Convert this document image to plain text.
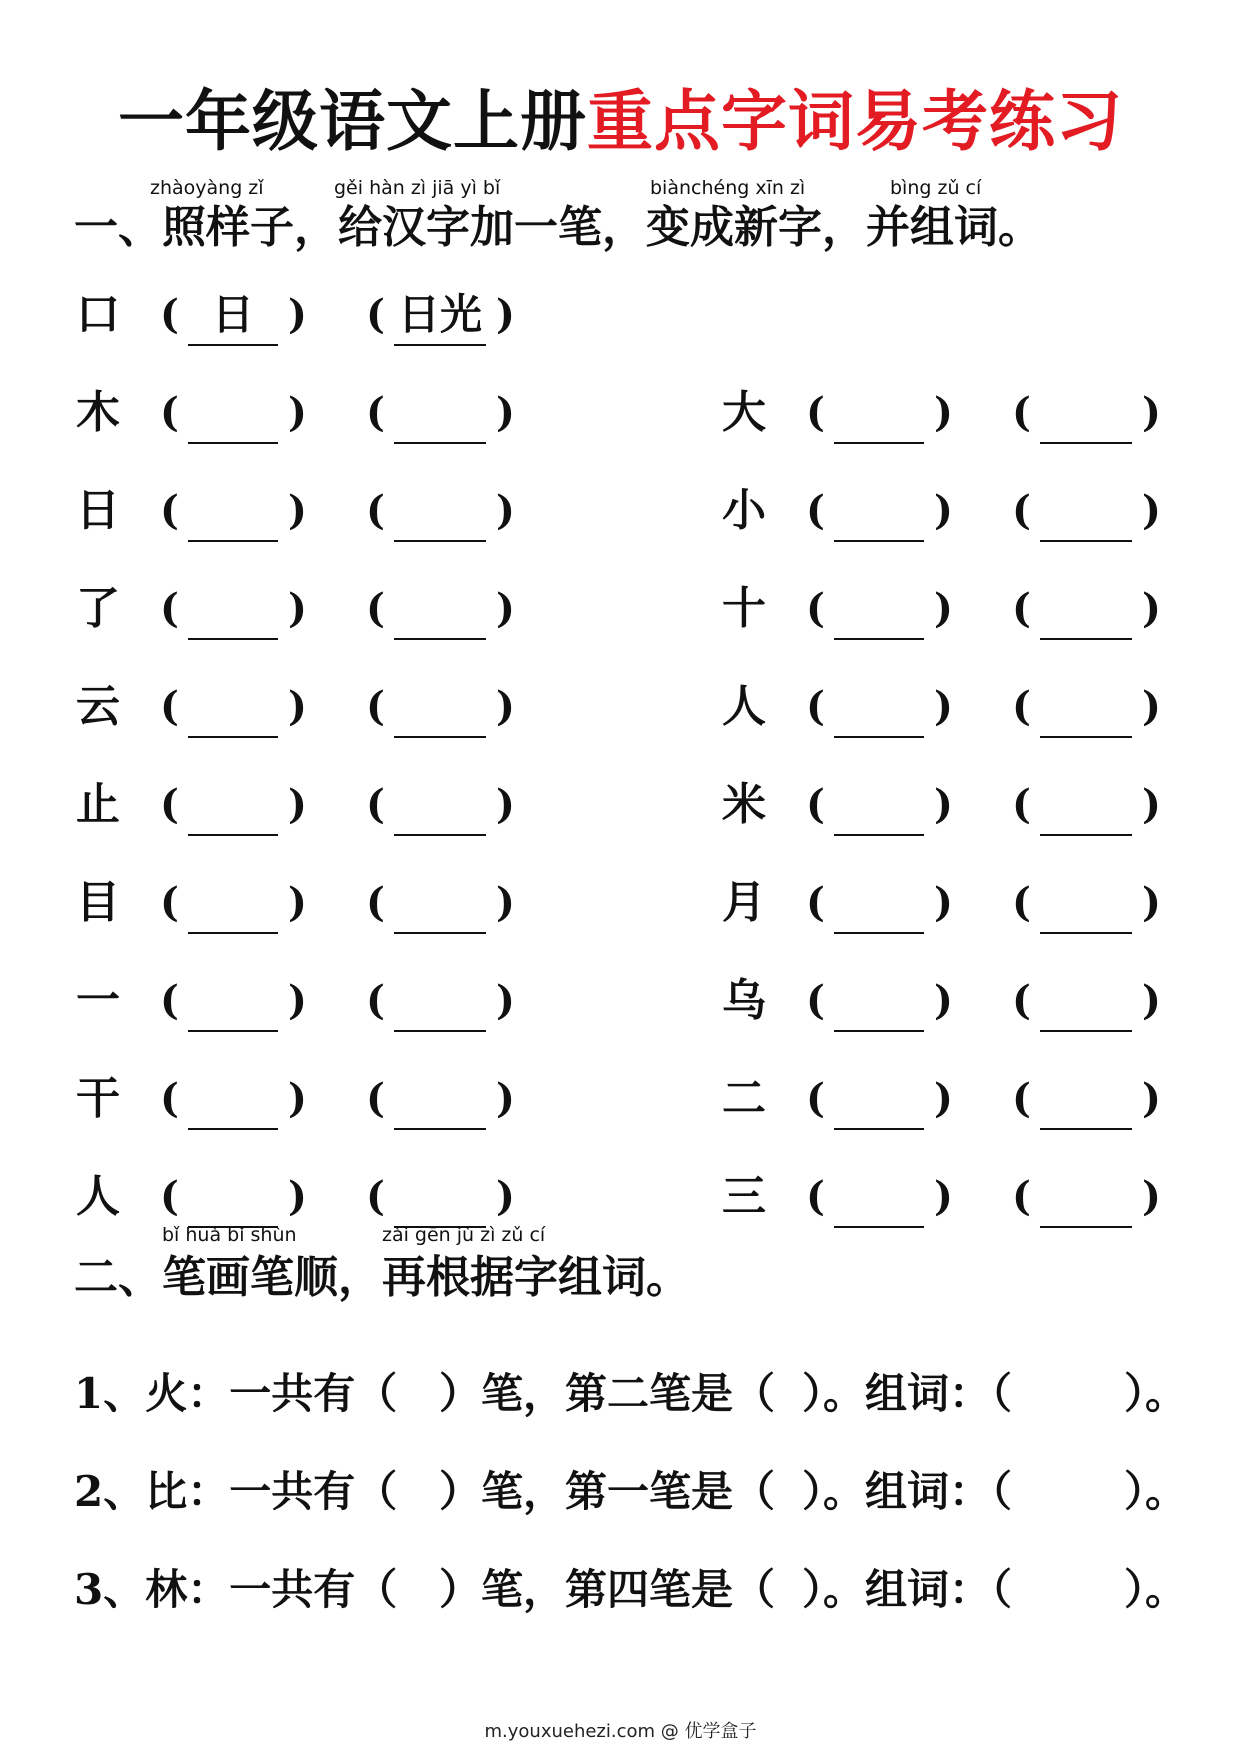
一年级语文上册重点字词易考练习
zhàoyàng zǐ	gěi hàn zì jiā yì bǐ	biànchéng xīn zì	bìng zǔ cí
一、照样子，给汉字加一笔，变成新字，并组词。
口 ( 日 ) ( 日光 )
木 (	) (	)
日 (	) (	)
了 (	) (	)
云 (	) (	)
止 (	) (	)
目 (	) (	)
一 (	) (	)
干 (	) (	)
人 (	) (	)
大 (	) (	)
小 (	) (	)
十 (	) (	)
人 (	) (	)
米 (	) (	)
月 (	) (	)
乌 (	) (	)
二 (	) (	)
三 (	) (	)
bǐ huà bǐ shùn	zài gēn jù zì zǔ cí
二、笔画笔顺，再根据字组词。
1、火：一共有（ ）笔，第二笔是（ ）。组词：（	）。
2、比：一共有（ ）笔，第一笔是（ ）。组词：（	）。
3、林：一共有（ ）笔，第四笔是（ ）。组词：（	）。
m.youxuehezi.com @ 优学盒子
